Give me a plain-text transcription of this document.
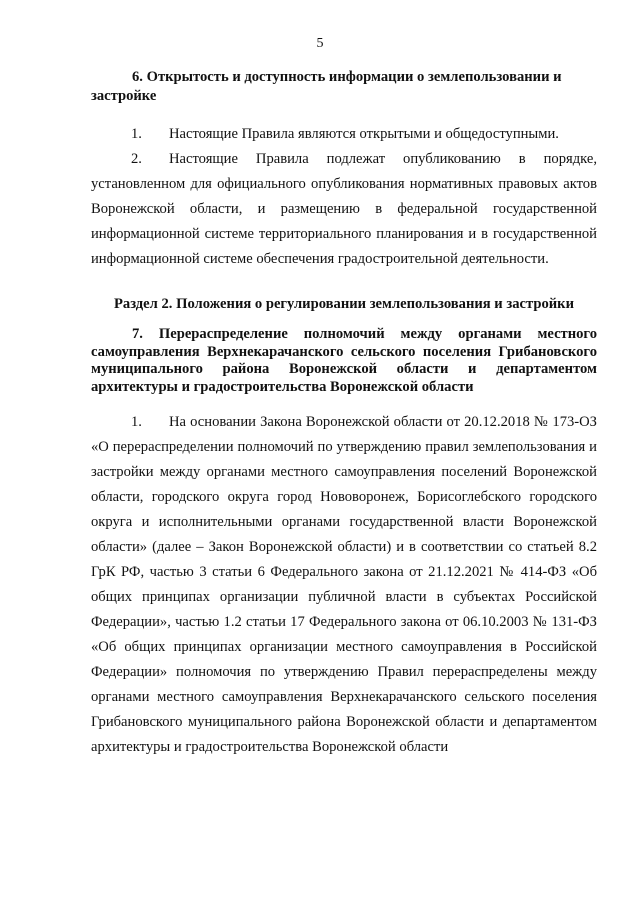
5

6. Открытость и доступность информации о землепользовании и застройке

1. Настоящие Правила являются открытыми и общедоступными.

2. Настоящие Правила подлежат опубликованию в порядке, установленном для официального опубликования нормативных правовых актов Воронежской области, и размещению в федеральной государственной информационной системе территориального планирования и в государственной информационной системе обеспечения градостроительной деятельности.

Раздел 2. Положения о регулировании землепользования и застройки

7. Перераспределение полномочий между органами местного самоуправления Верхнекарачанского сельского поселения Грибановского муниципального района Воронежской области и департаментом архитектуры и градостроительства Воронежской области

1. На основании Закона Воронежской области от 20.12.2018 № 173-ОЗ «О перераспределении полномочий по утверждению правил землепользования и застройки между органами местного самоуправления поселений Воронежской области, городского округа город Нововоронеж, Борисоглебского городского округа и исполнительными органами государственной власти Воронежской области» (далее – Закон Воронежской области) и в соответствии со статьей 8.2 ГрК РФ, частью 3 статьи 6 Федерального закона от 21.12.2021 № 414-ФЗ «Об общих принципах организации публичной власти в субъектах Российской Федерации», частью 1.2 статьи 17 Федерального закона от 06.10.2003 № 131-ФЗ «Об общих принципах организации местного самоуправления в Российской Федерации» полномочия по утверждению Правил перераспределены между органами местного самоуправления Верхнекарачанского сельского поселения Грибановского муниципального района Воронежской области и департаментом архитектуры и градостроительства Воронежской области
